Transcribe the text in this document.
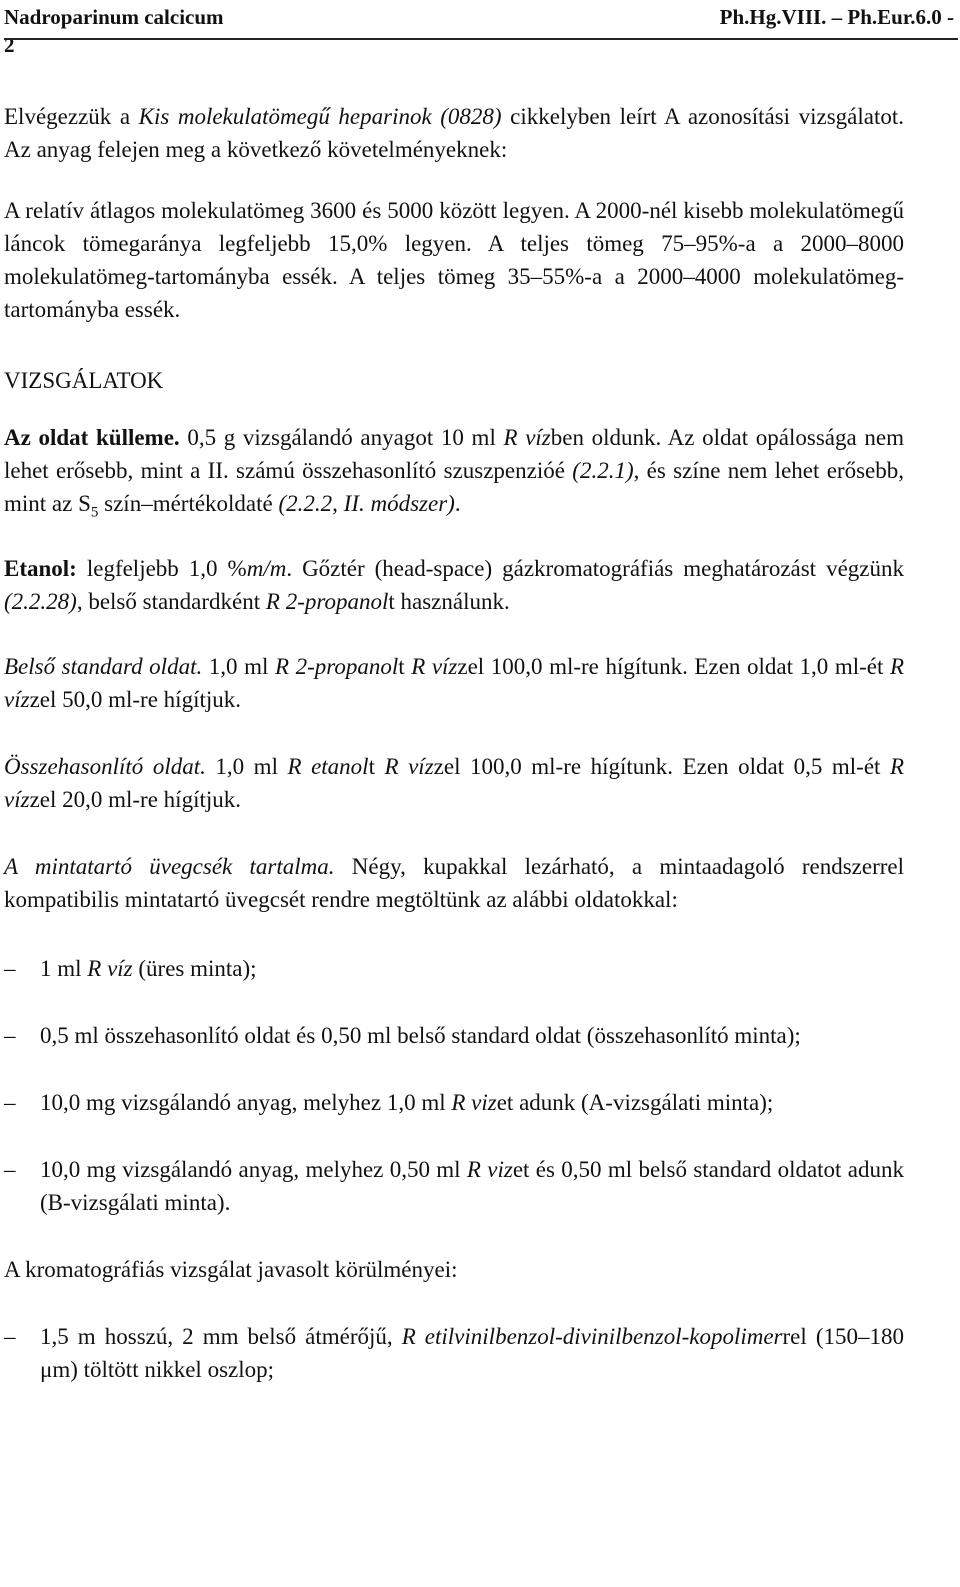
Nadroparinum calcicum	Ph.Hg.VIII. – Ph.Eur.6.0 -
2

Elvégezzük a Kis molekulatömegű heparinok (0828) cikkelyben leírt A azonosítási vizsgálatot. Az anyag felejen meg a következő követelményeknek:

A relatív átlagos molekulatömeg 3600 és 5000 között legyen. A 2000-nél kisebb molekulatömegű láncok tömegaránya legfeljebb 15,0% legyen. A teljes tömeg 75–95%-a a 2000–8000 molekulatömeg-tartományba essék. A teljes tömeg 35–55%-a a 2000–4000 molekulatömeg-tartományba essék.

VIZSGÁLATOK

Az oldat külleme. 0,5 g vizsgálandó anyagot 10 ml R vízben oldunk. Az oldat opálossága nem lehet erősebb, mint a II. számú összehasonlító szuszpenzióé (2.2.1), és színe nem lehet erősebb, mint az $S_5$ szín–mértékoldaté (2.2.2, II. módszer).

Etanol: legfeljebb 1,0 %m/m. Gőztér (head-space) gázkromatográfiás meghatározást végzünk (2.2.28), belső standardként R 2-propanolt használunk.

Belső standard oldat. 1,0 ml R 2-propanolt R vízzel 100,0 ml-re hígítunk. Ezen oldat 1,0 ml-ét R vízzel 50,0 ml-re hígítjuk.

Összehasonlító oldat. 1,0 ml R etanolt R vízzel 100,0 ml-re hígítunk. Ezen oldat 0,5 ml-ét R vízzel 20,0 ml-re hígítjuk.

A mintatartó üvegcsék tartalma. Négy, kupakkal lezárható, a mintaadagoló rendszerrel kompatibilis mintatartó üvegcsét rendre megtöltünk az alábbi oldatokkal:

– 1 ml R víz (üres minta);

– 0,5 ml összehasonlító oldat és 0,50 ml belső standard oldat (összehasonlító minta);

– 10,0 mg vizsgálandó anyag, melyhez 1,0 ml R vizet adunk (A-vizsgálati minta);

– 10,0 mg vizsgálandó anyag, melyhez 0,50 ml R vizet és 0,50 ml belső standard oldatot adunk (B-vizsgálati minta).

A kromatográfiás vizsgálat javasolt körülményei:

– 1,5 m hosszú, 2 mm belső átmérőjű, R etilvinilbenzol-divinilbenzol-kopolimerrel (150–180 μm) töltött nikkel oszlop;
